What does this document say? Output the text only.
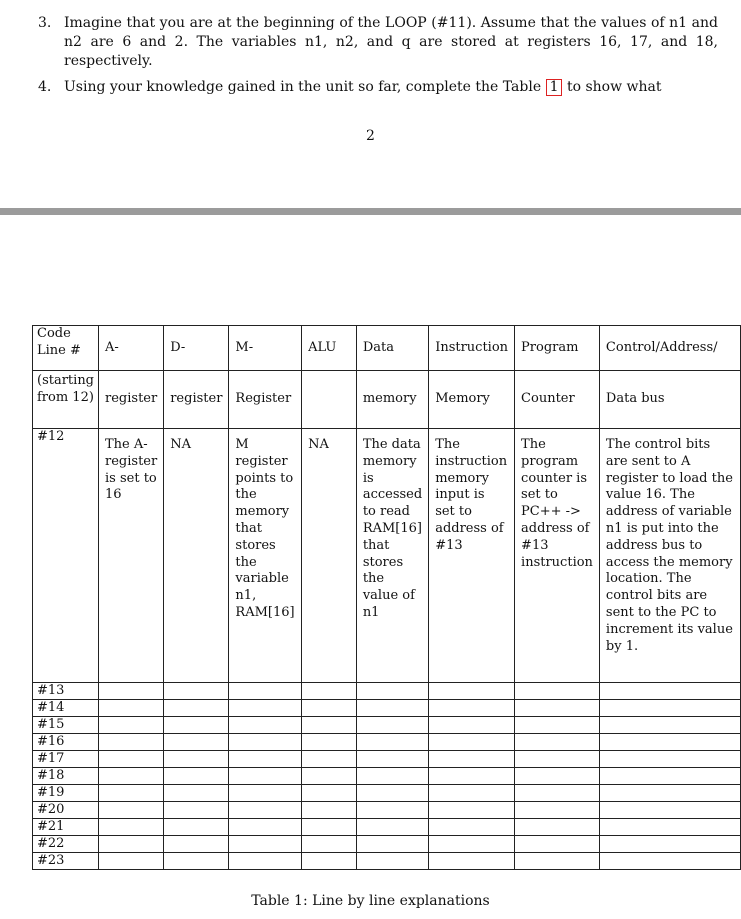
3. Imagine that you are at the beginning of the LOOP (#11). Assume that the values of n1 and n2 are 6 and 2. The variables n1, n2, and q are stored at registers 16, 17, and 18, respectively.
4. Using your knowledge gained in the unit so far, complete the Table 1 to show what
2
Code Line #	A-	D-	M-	ALU	Data	Instruction	Program	Control/Address/
(starting from 12)	register	register	Register		memory	Memory	Counter	Data bus
#12	The A-register is set to 16	NA	M register points to the memory that stores the variable n1, RAM[16]	NA	The data memory is accessed to read RAM[16] that stores the value of n1	The instruction memory input is set to address of #13	The program counter is set to PC++ -> address of #13 instruction	The control bits are sent to A register to load the value 16. The address of variable n1 is put into the address bus to access the memory location. The control bits are sent to the PC to increment its value by 1.
#13								
#14								
#15								
#16								
#17								
#18								
#19								
#20								
#21								
#22								
#23								
Table 1: Line by line explanations
